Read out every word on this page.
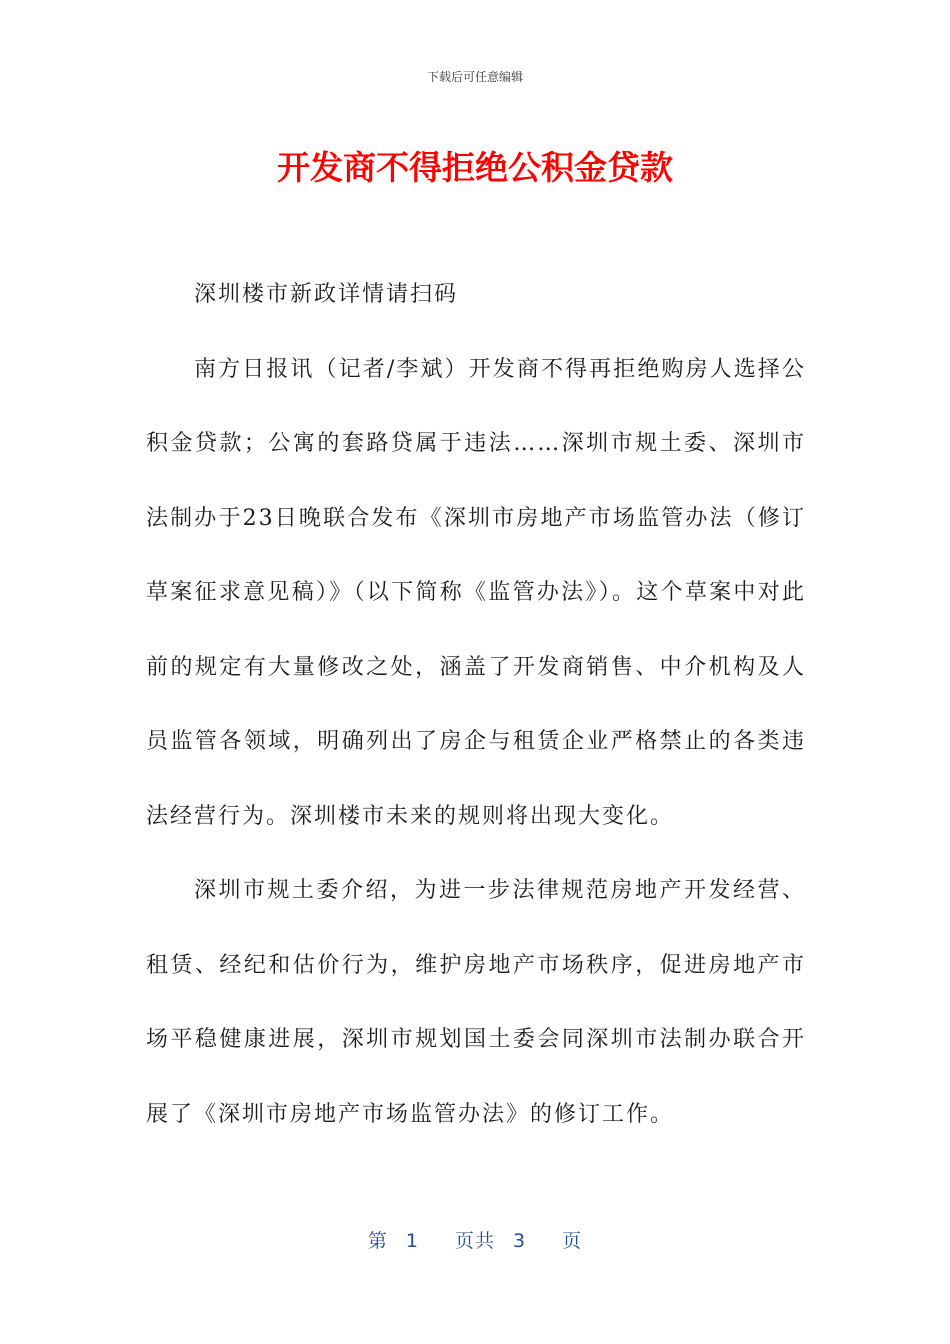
下载后可任意编辑
开发商不得拒绝公积金贷款

深圳楼市新政详情请扫码

南方日报讯（记者/李斌）开发商不得再拒绝购房人选择公积金贷款；公寓的套路贷属于违法……深圳市规土委、深圳市法制办于23日晚联合发布《深圳市房地产市场监管办法（修订草案征求意见稿）》（以下简称《监管办法》）。这个草案中对此前的规定有大量修改之处，涵盖了开发商销售、中介机构及人员监管各领域，明确列出了房企与租赁企业严格禁止的各类违法经营行为。深圳楼市未来的规则将出现大变化。

深圳市规土委介绍，为进一步法律规范房地产开发经营、租赁、经纪和估价行为，维护房地产市场秩序，促进房地产市场平稳健康进展，深圳市规划国土委会同深圳市法制办联合开展了《深圳市房地产市场监管办法》的修订工作。

第 1 页共 3 页
